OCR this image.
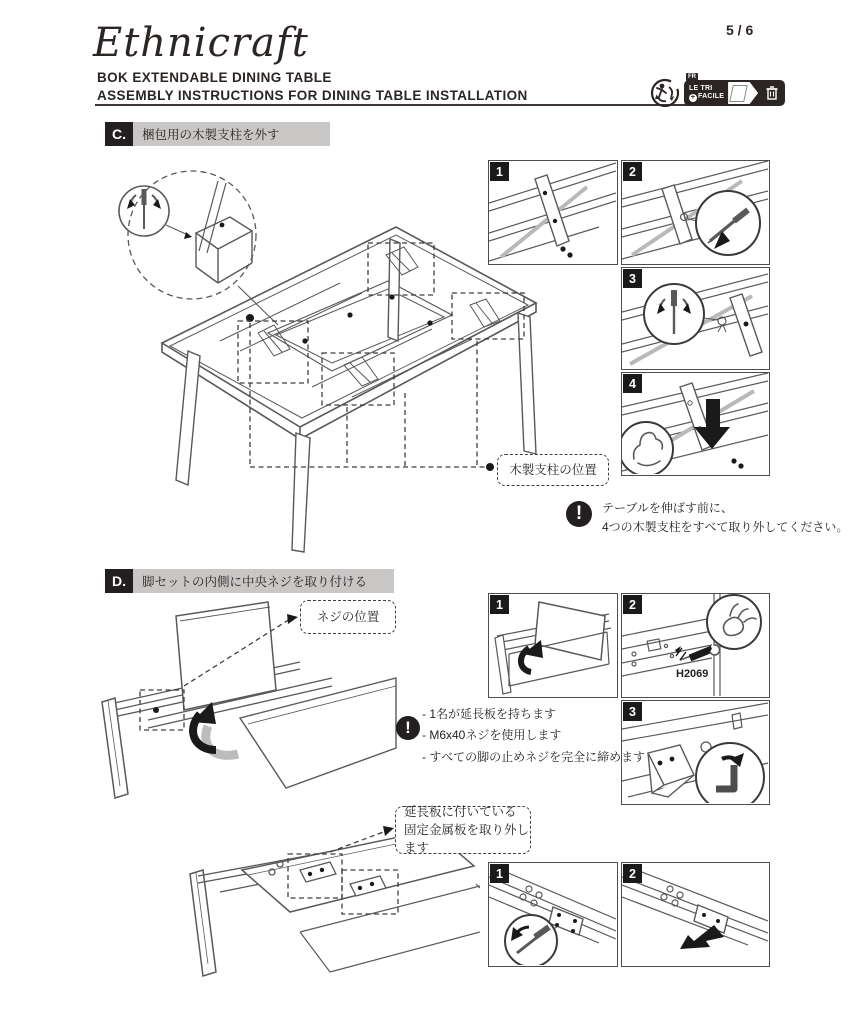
Ethnicraft	5 / 6
BOK EXTENDABLE DINING TABLE
ASSEMBLY INSTRUCTIONS FOR DINING TABLE INSTALLATION
FR
LE TRI
+ FACILE
C.	梱包用の木製支柱を外す
1	2
3
4
木製支柱の位置
! テーブルを伸ばす前に、
4つの木製支柱をすべて取り外してください。
D.	脚セットの内側に中央ネジを取り付ける
ネジの位置
1	2
H2069
3
!
- 1名が延長板を持ちます
- M6x40ネジを使用します
- すべての脚の止めネジを完全に締めます
延長板に付いている
固定金属板を取り外します
1	2
